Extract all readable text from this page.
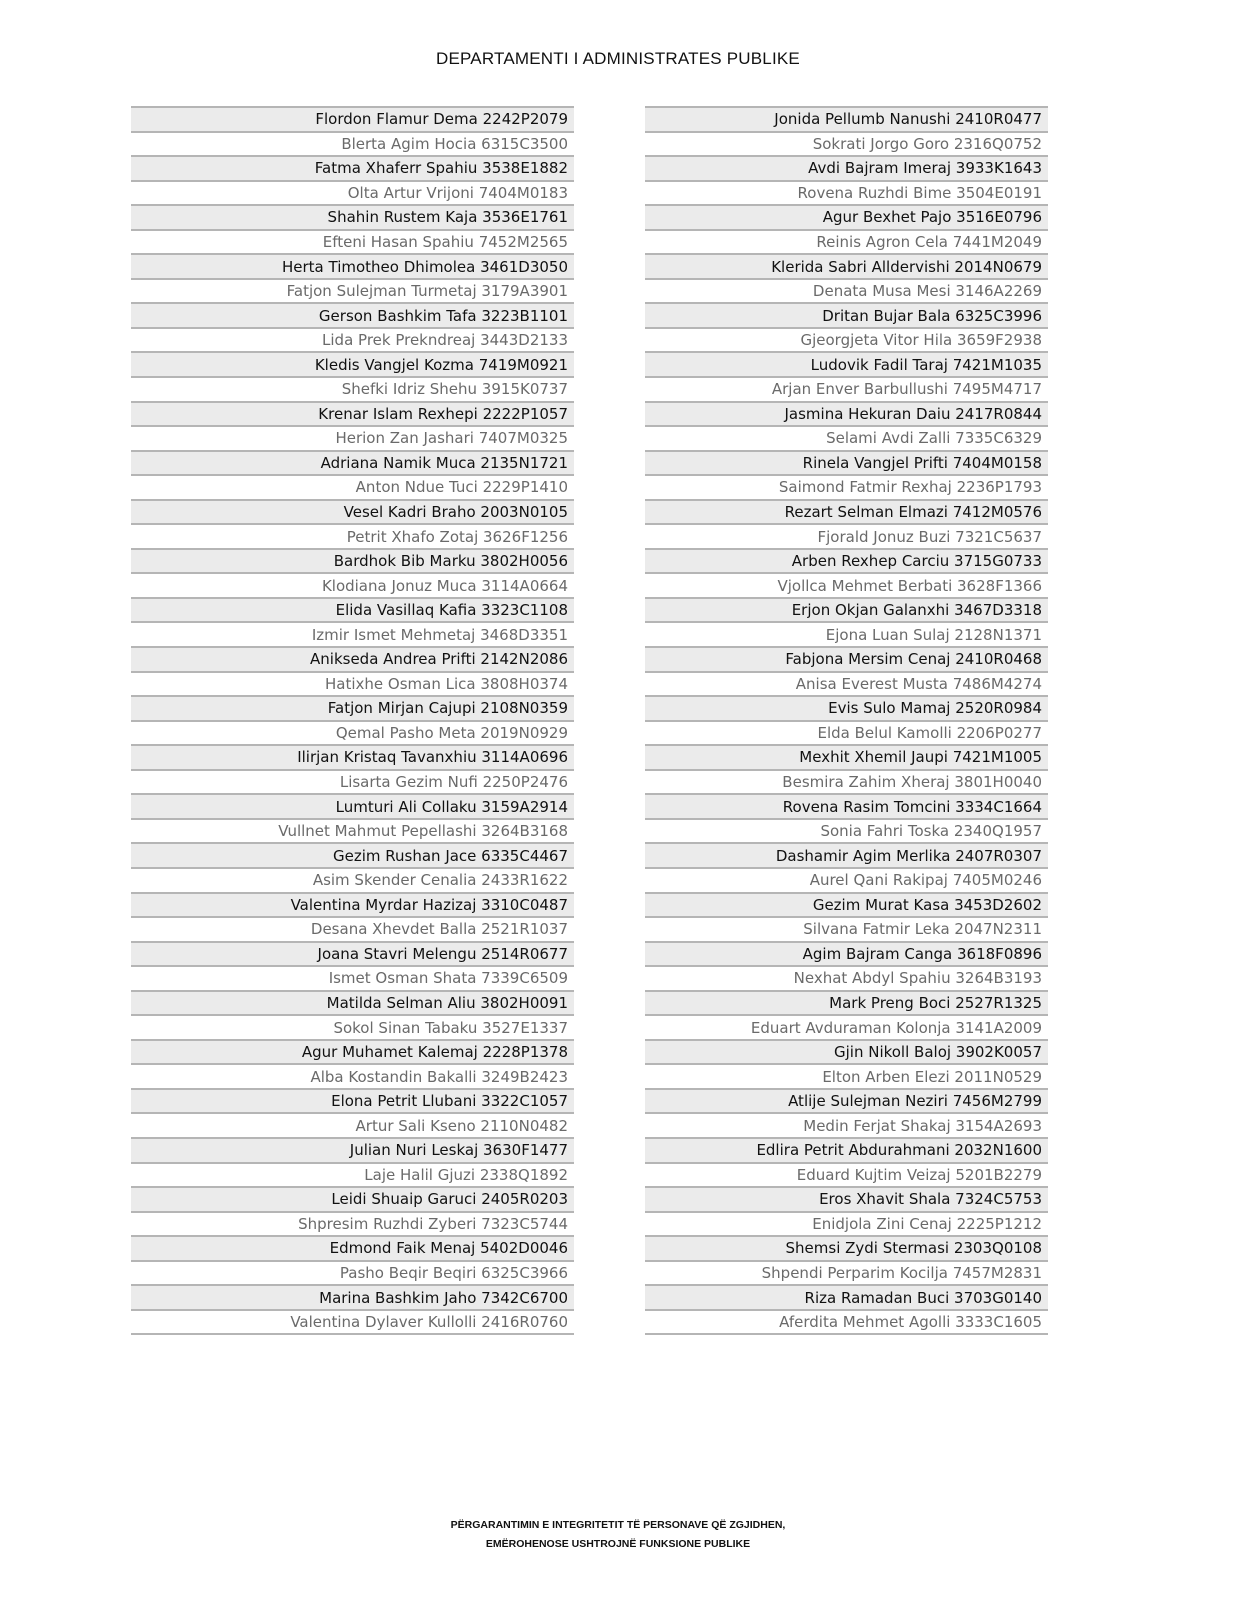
DEPARTAMENTI I ADMINISTRATES PUBLIKE
Flordon Flamur Dema 2242P2079
Blerta Agim Hocia 6315C3500
Fatma Xhaferr Spahiu 3538E1882
Olta Artur Vrijoni 7404M0183
Shahin Rustem Kaja 3536E1761
Efteni Hasan Spahiu 7452M2565
Herta Timotheo Dhimolea 3461D3050
Fatjon Sulejman Turmetaj 3179A3901
Gerson Bashkim Tafa 3223B1101
Lida Prek Prekndreaj 3443D2133
Kledis Vangjel Kozma 7419M0921
Shefki Idriz Shehu 3915K0737
Krenar Islam Rexhepi 2222P1057
Herion Zan Jashari 7407M0325
Adriana Namik Muca 2135N1721
Anton Ndue Tuci 2229P1410
Vesel Kadri Braho 2003N0105
Petrit Xhafo Zotaj 3626F1256
Bardhok Bib Marku 3802H0056
Klodiana Jonuz Muca 3114A0664
Elida Vasillaq Kafia 3323C1108
Izmir Ismet Mehmetaj 3468D3351
Anikseda Andrea Prifti 2142N2086
Hatixhe Osman Lica 3808H0374
Fatjon Mirjan Cajupi 2108N0359
Qemal Pasho Meta 2019N0929
Ilirjan Kristaq Tavanxhiu 3114A0696
Lisarta Gezim Nufi 2250P2476
Lumturi Ali Collaku 3159A2914
Vullnet Mahmut Pepellashi 3264B3168
Gezim Rushan Jace 6335C4467
Asim Skender Cenalia 2433R1622
Valentina Myrdar Hazizaj 3310C0487
Desana Xhevdet Balla 2521R1037
Joana Stavri Melengu 2514R0677
Ismet Osman Shata 7339C6509
Matilda Selman Aliu 3802H0091
Sokol Sinan Tabaku 3527E1337
Agur Muhamet Kalemaj 2228P1378
Alba Kostandin Bakalli 3249B2423
Elona Petrit Llubani 3322C1057
Artur Sali Kseno 2110N0482
Julian Nuri Leskaj 3630F1477
Laje Halil Gjuzi 2338Q1892
Leidi Shuaip Garuci 2405R0203
Shpresim Ruzhdi Zyberi 7323C5744
Edmond Faik Menaj 5402D0046
Pasho Beqir Beqiri 6325C3966
Marina Bashkim Jaho 7342C6700
Valentina Dylaver Kullolli 2416R0760
Jonida Pellumb Nanushi 2410R0477
Sokrati Jorgo Goro 2316Q0752
Avdi Bajram Imeraj 3933K1643
Rovena Ruzhdi Bime 3504E0191
Agur Bexhet Pajo 3516E0796
Reinis Agron Cela 7441M2049
Klerida Sabri Alldervishi 2014N0679
Denata Musa Mesi 3146A2269
Dritan Bujar Bala 6325C3996
Gjeorgjeta Vitor Hila 3659F2938
Ludovik Fadil Taraj 7421M1035
Arjan Enver Barbullushi 7495M4717
Jasmina Hekuran Daiu 2417R0844
Selami Avdi Zalli 7335C6329
Rinela Vangjel Prifti 7404M0158
Saimond Fatmir Rexhaj 2236P1793
Rezart Selman Elmazi 7412M0576
Fjorald Jonuz Buzi 7321C5637
Arben Rexhep Carciu 3715G0733
Vjollca Mehmet Berbati 3628F1366
Erjon Okjan Galanxhi 3467D3318
Ejona Luan Sulaj 2128N1371
Fabjona Mersim Cenaj 2410R0468
Anisa Everest Musta 7486M4274
Evis Sulo Mamaj 2520R0984
Elda Belul Kamolli 2206P0277
Mexhit Xhemil Jaupi 7421M1005
Besmira Zahim Xheraj 3801H0040
Rovena Rasim Tomcini 3334C1664
Sonia Fahri Toska 2340Q1957
Dashamir Agim Merlika 2407R0307
Aurel Qani Rakipaj 7405M0246
Gezim Murat Kasa 3453D2602
Silvana Fatmir Leka 2047N2311
Agim Bajram Canga 3618F0896
Nexhat Abdyl Spahiu 3264B3193
Mark Preng Boci 2527R1325
Eduart Avduraman Kolonja 3141A2009
Gjin Nikoll Baloj 3902K0057
Elton Arben Elezi 2011N0529
Atlije Sulejman Neziri 7456M2799
Medin Ferjat Shakaj 3154A2693
Edlira Petrit Abdurahmani 2032N1600
Eduard Kujtim Veizaj 5201B2279
Eros Xhavit Shala 7324C5753
Enidjola Zini Cenaj 2225P1212
Shemsi Zydi Stermasi 2303Q0108
Shpendi Perparim Kocilja 7457M2831
Riza Ramadan Buci 3703G0140
Aferdita Mehmet Agolli 3333C1605
PËRGARANTIMIN E INTEGRITETIT TË PERSONAVE QË ZGJIDHEN,
EMËROHENOSE USHTROJNË FUNKSIONE PUBLIKE
